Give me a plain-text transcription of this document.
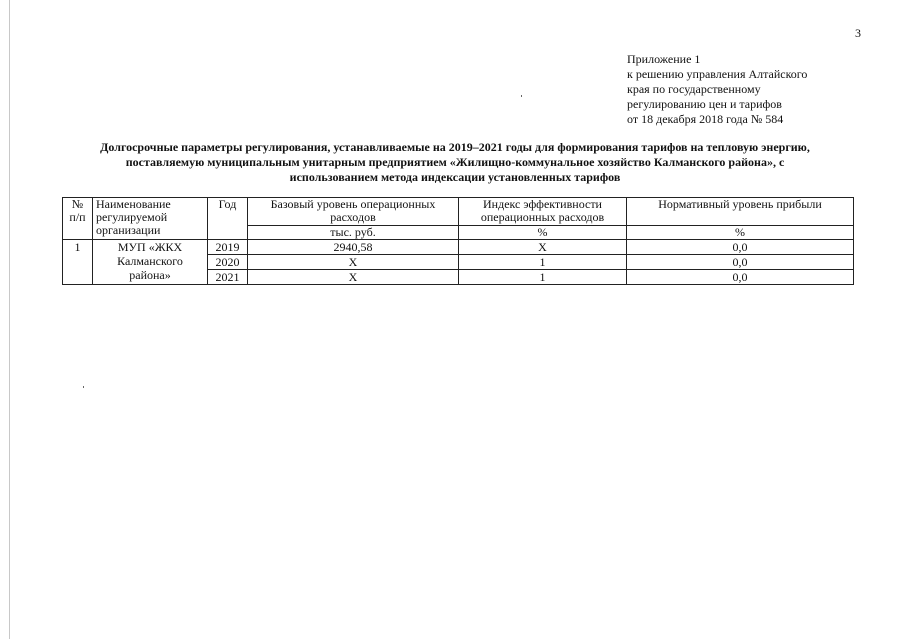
3
Приложение 1
к решению управления Алтайского
края по государственному
регулированию цен и тарифов
от 18 декабря 2018 года № 584
Долгосрочные параметры регулирования, устанавливаемые на 2019–2021 годы для формирования тарифов на тепловую энергию,
поставляемую муниципальным унитарным предприятием «Жилищно-коммунальное хозяйство Калманского района», с
использованием метода индексации установленных тарифов
№ п/п	Наименование регулируемой организации	Год	Базовый уровень операционных расходов	Индекс эффективности операционных расходов	Нормативный уровень прибыли
			тыс. руб.	%	%
1	МУП «ЖКХ Калманского района»	2019	2940,58	Х	0,0
		2020	Х	1	0,0
		2021	Х	1	0,0
